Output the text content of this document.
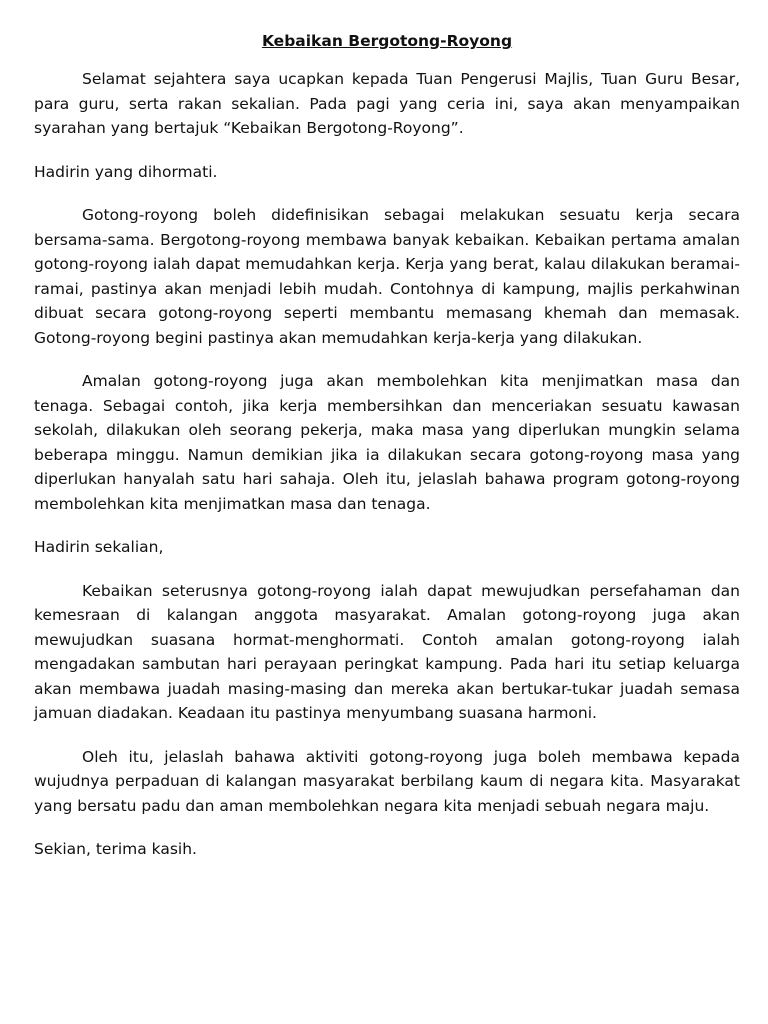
Kebaikan Bergotong-Royong

Selamat sejahtera saya ucapkan kepada Tuan Pengerusi Majlis, Tuan Guru Besar, para guru, serta rakan sekalian. Pada pagi yang ceria ini, saya akan menyampaikan syarahan yang bertajuk “Kebaikan Bergotong-Royong”.

Hadirin yang dihormati.

Gotong-royong boleh didefinisikan sebagai melakukan sesuatu kerja secara bersama-sama. Bergotong-royong membawa banyak kebaikan. Kebaikan pertama amalan gotong-royong ialah dapat memudahkan kerja. Kerja yang berat, kalau dilakukan beramai-ramai, pastinya akan menjadi lebih mudah. Contohnya di kampung, majlis perkahwinan dibuat secara gotong-royong seperti membantu memasang khemah dan memasak. Gotong-royong begini pastinya akan memudahkan kerja-kerja yang dilakukan.

Amalan gotong-royong juga akan membolehkan kita menjimatkan masa dan tenaga. Sebagai contoh, jika kerja membersihkan dan menceriakan sesuatu kawasan sekolah, dilakukan oleh seorang pekerja, maka masa yang diperlukan mungkin selama beberapa minggu. Namun demikian jika ia dilakukan secara gotong-royong masa yang diperlukan hanyalah satu hari sahaja. Oleh itu, jelaslah bahawa program gotong-royong membolehkan kita menjimatkan masa dan tenaga.

Hadirin sekalian,

Kebaikan seterusnya gotong-royong ialah dapat mewujudkan persefahaman dan kemesraan di kalangan anggota masyarakat. Amalan gotong-royong juga akan mewujudkan suasana hormat-menghormati. Contoh amalan gotong-royong ialah mengadakan sambutan hari perayaan peringkat kampung. Pada hari itu setiap keluarga akan membawa juadah masing-masing dan mereka akan bertukar-tukar juadah semasa jamuan diadakan. Keadaan itu pastinya menyumbang suasana harmoni.

Oleh itu, jelaslah bahawa aktiviti gotong-royong juga boleh membawa kepada wujudnya perpaduan di kalangan masyarakat berbilang kaum di negara kita. Masyarakat yang bersatu padu dan aman membolehkan negara kita menjadi sebuah negara maju.

Sekian, terima kasih.
